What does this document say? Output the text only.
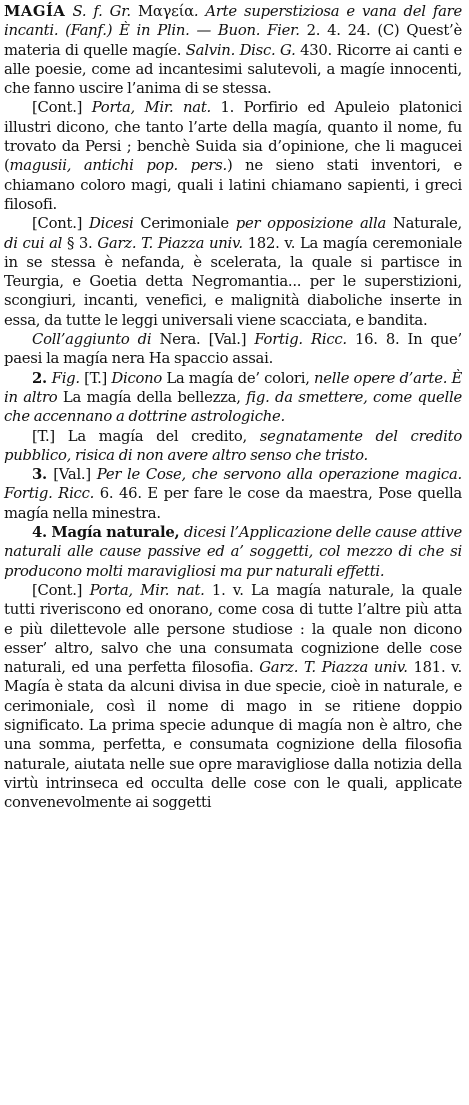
MAGÍA S. f. Gr. Μαγεία. Arte superstiziosa e vana del fare incanti. (Fanf.) È in Plin. — Buon. Fier. 2. 4. 24. (C) Quest’è materia di quelle magíe. Salvin. Disc. G. 430. Ricorre ai canti e alle poesie, come ad incantesimi salutevoli, a magíe innocenti, che fanno uscire l’anima di se stessa.

[Cont.] Porta, Mir. nat. 1. Porfirio ed Apuleio platonici illustri dicono, che tanto l’arte della magía, quanto il nome, fu trovato da Persi ; benchè Suida sia d’opinione, che li magucei (magusii, antichi pop. pers.) ne sieno stati inventori, e chiamano coloro magi, quali i latini chiamano sapienti, i greci filosofi.

[Cont.] Dicesi Cerimoniale per opposizione alla Naturale, di cui al § 3. Garz. T. Piazza univ. 182. v. La magía ceremoniale in se stessa è nefanda, è scelerata, la quale si partisce in Teurgia, e Goetia detta Negromantia... per le superstizioni, scongiuri, incanti, venefici, e malignità diaboliche inserte in essa, da tutte le leggi universali viene scacciata, e bandita.

Coll’aggiunto di Nera. [Val.] Fortig. Ricc. 16. 8. In que’ paesi la magía nera Ha spaccio assai.

2. Fig. [T.] Dicono La magía de’ colori, nelle opere d’arte. È in altro La magía della bellezza, fig. da smettere, come quelle che accennano a dottrine astrologiche.

[T.] La magía del credito, segnatamente del credito pubblico, risica di non avere altro senso che tristo.

3. [Val.] Per le Cose, che servono alla operazione magica. Fortig. Ricc. 6. 46. E per fare le cose da maestra, Pose quella magía nella minestra.

4. Magía naturale, dicesi l’Applicazione delle cause attive naturali alle cause passive ed a’ soggetti, col mezzo di che si producono molti maravigliosi ma pur naturali effetti.

[Cont.] Porta, Mir. nat. 1. v. La magía naturale, la quale tutti riveriscono ed onorano, come cosa di tutte l’altre più atta e più dilettevole alle persone studiose : la quale non dicono esser’ altro, salvo che una consumata cognizione delle cose naturali, ed una perfetta filosofia. Garz. T. Piazza univ. 181. v. Magía è stata da alcuni divisa in due specie, cioè in naturale, e cerimoniale, così il nome di mago in se ritiene doppio significato. La prima specie adunque di magía non è altro, che una somma, perfetta, e consumata cognizione della filosofia naturale, aiutata nelle sue opre maravigliose dalla notizia della virtù intrinseca ed occulta delle cose con le quali, applicate convenevolmente ai soggetti
